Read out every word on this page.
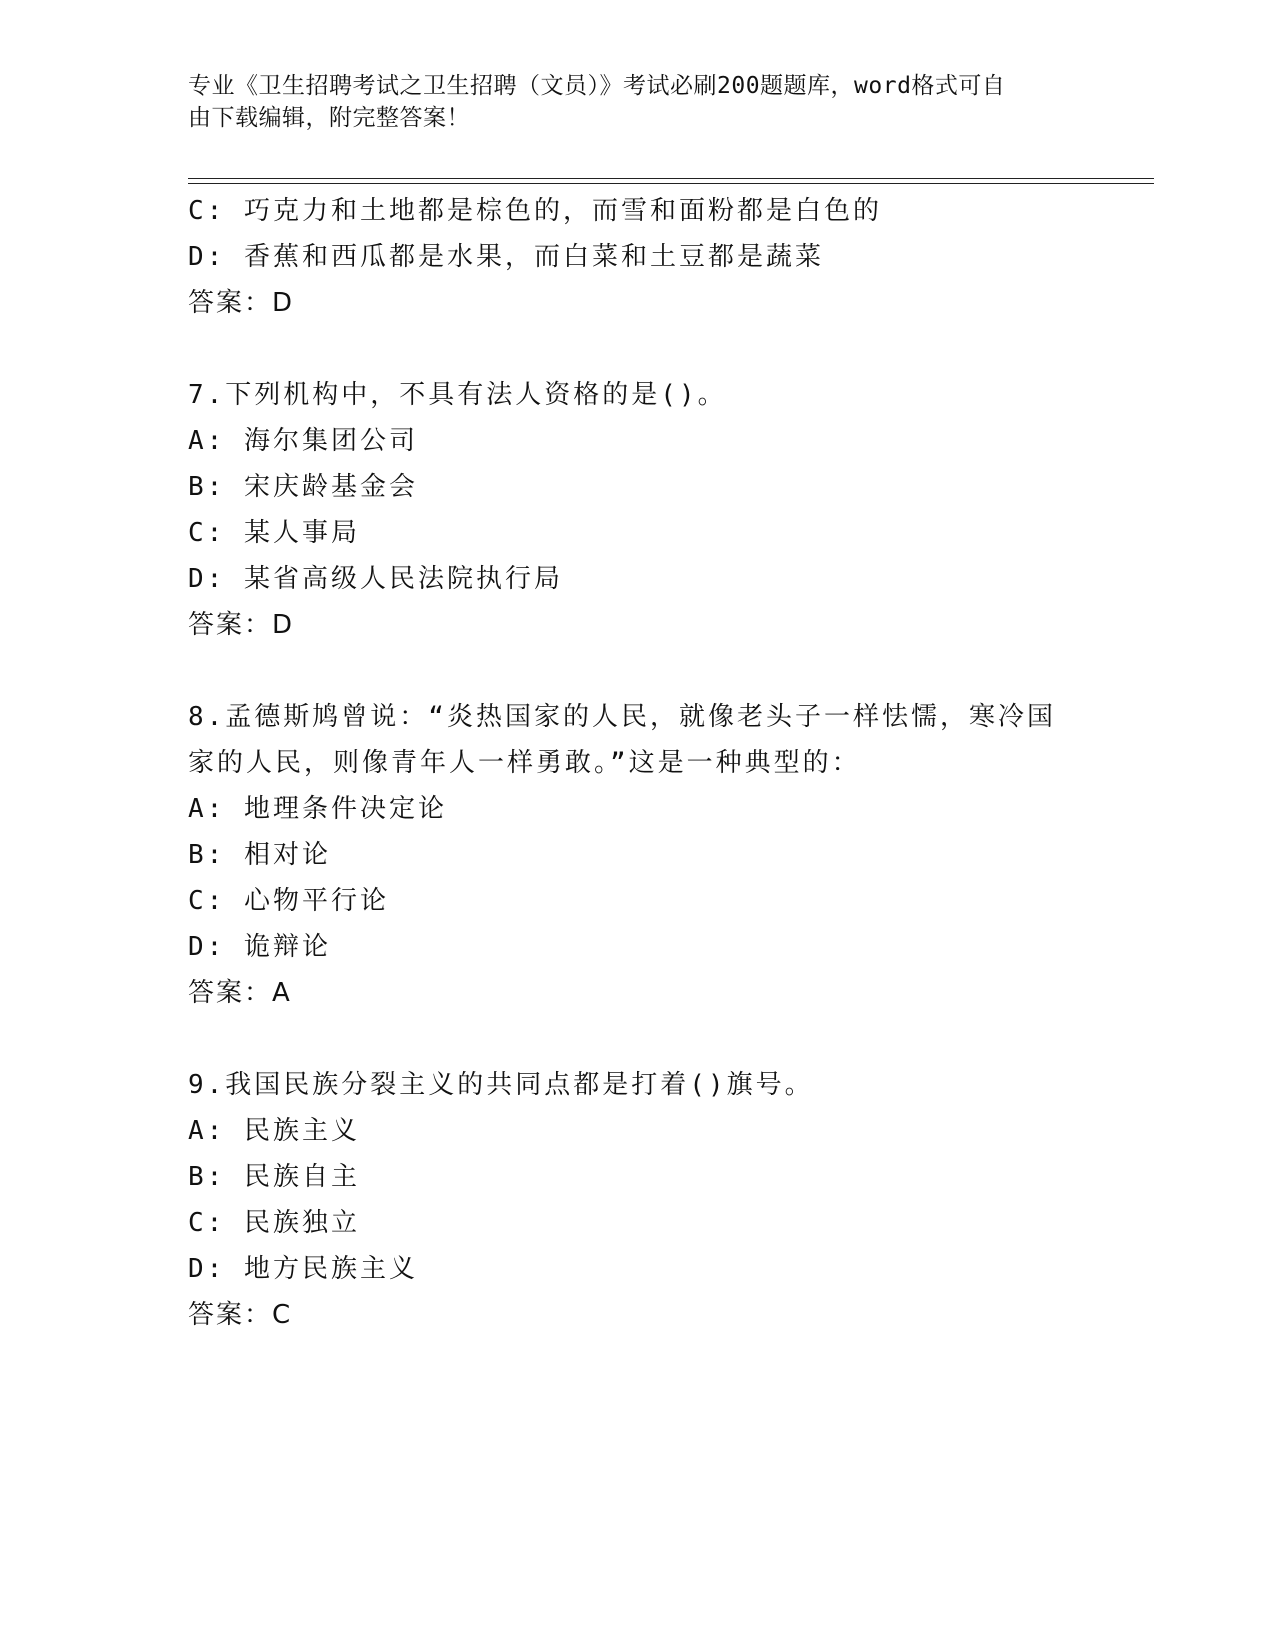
专业《卫生招聘考试之卫生招聘（文员）》考试必刷200题题库，word格式可自
由下载编辑，附完整答案！
C: 巧克力和土地都是棕色的，而雪和面粉都是白色的
D: 香蕉和西瓜都是水果，而白菜和土豆都是蔬菜
答案：D
7.下列机构中，不具有法人资格的是()。
A: 海尔集团公司
B: 宋庆龄基金会
C: 某人事局
D: 某省高级人民法院执行局
答案：D
8.孟德斯鸠曾说：“炎热国家的人民，就像老头子一样怯懦，寒冷国
家的人民，则像青年人一样勇敢。”这是一种典型的：
A: 地理条件决定论
B: 相对论
C: 心物平行论
D: 诡辩论
答案：A
9.我国民族分裂主义的共同点都是打着()旗号。
A: 民族主义
B: 民族自主
C: 民族独立
D: 地方民族主义
答案：C
